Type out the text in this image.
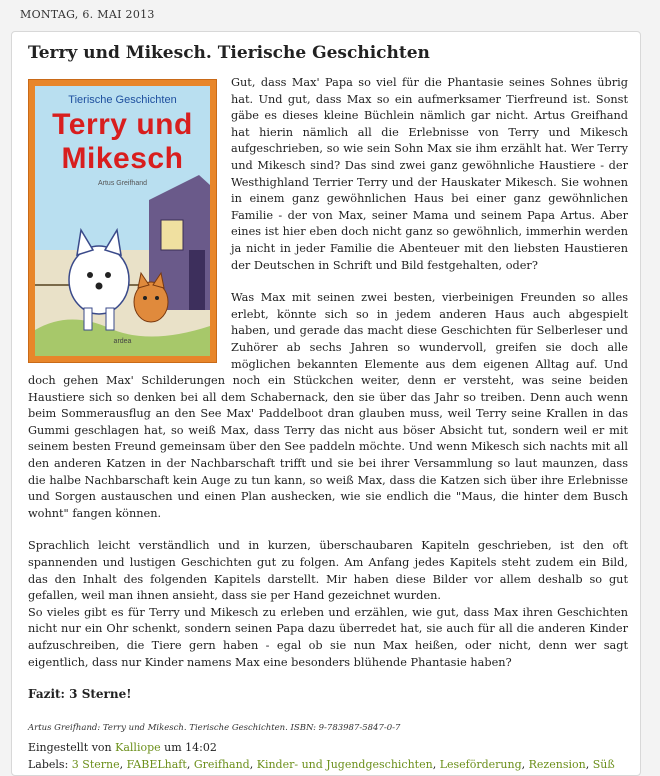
MONTAG, 6. MAI 2013
Terry und Mikesch. Tierische Geschichten
Tierische Geschichten
Terry und
Mikesch
Artus Greifhand
ardea

Gut, dass Max' Papa so viel für die Phantasie seines Sohnes übrig hat. Und gut, dass Max so ein aufmerksamer Tierfreund ist. Sonst gäbe es dieses kleine Büchlein nämlich gar nicht. Artus Greifhand hat hierin nämlich all die Erlebnisse von Terry und Mikesch aufgeschrieben, so wie sein Sohn Max sie ihm erzählt hat. Wer Terry und Mikesch sind? Das sind zwei ganz gewöhnliche Haustiere - der Westhighland Terrier Terry und der Hauskater Mikesch. Sie wohnen in einem ganz gewöhnlichen Haus bei einer ganz gewöhnlichen Familie - der von Max, seiner Mama und seinem Papa Artus. Aber eines ist hier eben doch nicht ganz so gewöhnlich, immerhin werden ja nicht in jeder Familie die Abenteuer mit den liebsten Haustieren der Deutschen in Schrift und Bild festgehalten, oder?

Was Max mit seinen zwei besten, vierbeinigen Freunden so alles erlebt, könnte sich so in jedem anderen Haus auch abgespielt haben, und gerade das macht diese Geschichten für Selberleser und Zuhörer ab sechs Jahren so wundervoll, greifen sie doch alle möglichen bekannten Elemente aus dem eigenen Alltag auf. Und doch gehen Max' Schilderungen noch ein Stückchen weiter, denn er versteht, was seine beiden Haustiere sich so denken bei all dem Schabernack, den sie über das Jahr so treiben. Denn auch wenn beim Sommerausflug an den See Max' Paddelboot dran glauben muss, weil Terry seine Krallen in das Gummi geschlagen hat, so weiß Max, dass Terry das nicht aus böser Absicht tut, sondern weil er mit seinem besten Freund gemeinsam über den See paddeln möchte. Und wenn Mikesch sich nachts mit all den anderen Katzen in der Nachbarschaft trifft und sie bei ihrer Versammlung so laut maunzen, dass die halbe Nachbarschaft kein Auge zu tun kann, so weiß Max, dass die Katzen sich über ihre Erlebnisse und Sorgen austauschen und einen Plan aushecken, wie sie endlich die "Maus, die hinter dem Busch wohnt" fangen können.

Sprachlich leicht verständlich und in kurzen, überschaubaren Kapiteln geschrieben, ist den oft spannenden und lustigen Geschichten gut zu folgen. Am Anfang jedes Kapitels steht zudem ein Bild, das den Inhalt des folgenden Kapitels darstellt. Mir haben diese Bilder vor allem deshalb so gut gefallen, weil man ihnen ansieht, dass sie per Hand gezeichnet wurden.

So vieles gibt es für Terry und Mikesch zu erleben und erzählen, wie gut, dass Max ihren Geschichten nicht nur ein Ohr schenkt, sondern seinen Papa dazu überredet hat, sie auch für all die anderen Kinder aufzuschreiben, die Tiere gern haben - egal ob sie nun Max heißen, oder nicht, denn wer sagt eigentlich, dass nur Kinder namens Max eine besonders blühende Phantasie haben?

Fazit: 3 Sterne!
Artus Greifhand: Terry und Mikesch. Tierische Geschichten. ISBN: 9-783987-5847-0-7
Eingestellt von Kalliope um 14:02
Labels: 3 Sterne, FABELhaft, Greifhand, Kinder- und Jugendgeschichten, Leseförderung, Rezension, Süß
